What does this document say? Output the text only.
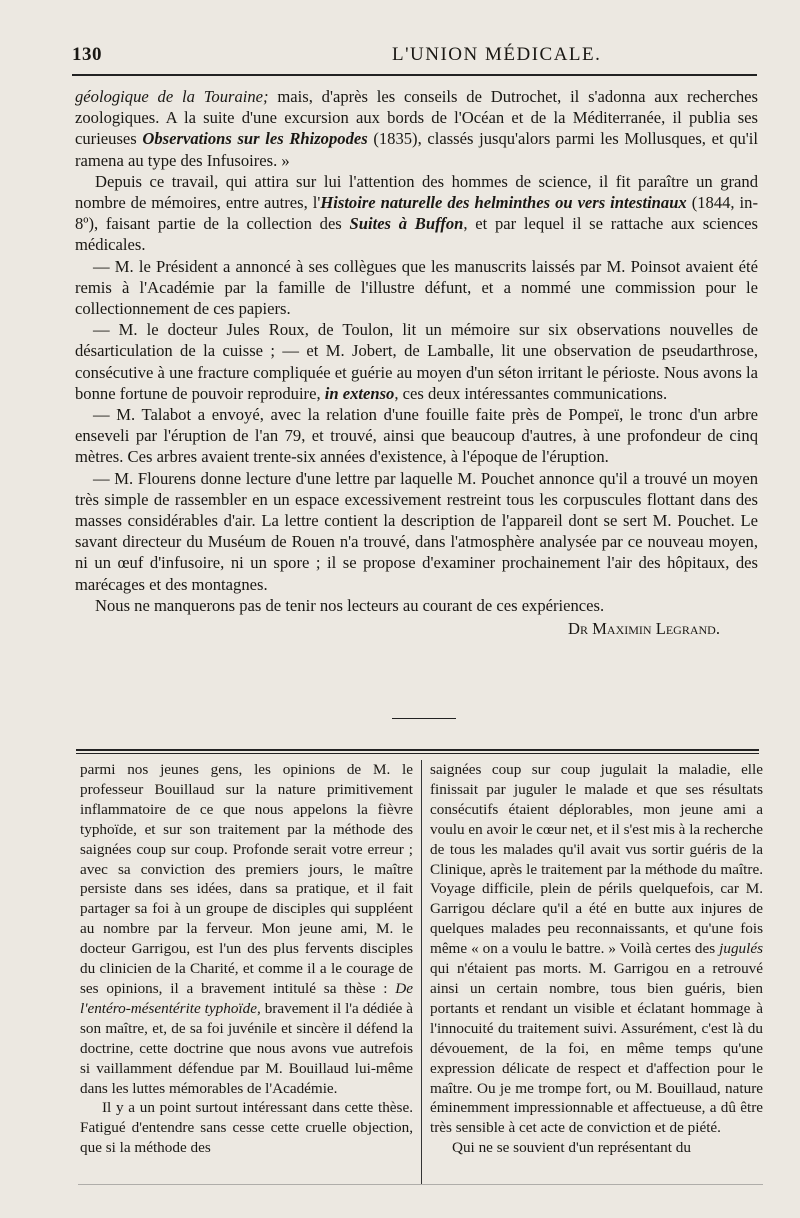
130	L'UNION MÉDICALE.

géologique de la Touraine; mais, d'après les conseils de Dutrochet, il s'adonna aux recherches zoologiques. A la suite d'une excursion aux bords de l'Océan et de la Méditerranée, il publia ses curieuses Observations sur les Rhizopodes (1835), classés jusqu'alors parmi les Mollusques, et qu'il ramena au type des Infusoires. »

Depuis ce travail, qui attira sur lui l'attention des hommes de science, il fit paraître un grand nombre de mémoires, entre autres, l'Histoire naturelle des helminthes ou vers intestinaux (1844, in-8º), faisant partie de la collection des Suites à Buffon, et par lequel il se rattache aux sciences médicales.

— M. le Président a annoncé à ses collègues que les manuscrits laissés par M. Poinsot avaient été remis à l'Académie par la famille de l'illustre défunt, et a nommé une commission pour le collectionnement de ces papiers.

— M. le docteur Jules Roux, de Toulon, lit un mémoire sur six observations nouvelles de désarticulation de la cuisse ; — et M. Jobert, de Lamballe, lit une observation de pseudarthrose, consécutive à une fracture compliquée et guérie au moyen d'un séton irritant le périoste. Nous avons la bonne fortune de pouvoir reproduire, in extenso, ces deux intéressantes communications.

— M. Talabot a envoyé, avec la relation d'une fouille faite près de Pompeï, le tronc d'un arbre enseveli par l'éruption de l'an 79, et trouvé, ainsi que beaucoup d'autres, à une profondeur de cinq mètres. Ces arbres avaient trente-six années d'existence, à l'époque de l'éruption.

— M. Flourens donne lecture d'une lettre par laquelle M. Pouchet annonce qu'il a trouvé un moyen très simple de rassembler en un espace excessivement restreint tous les corpuscules flottant dans des masses considérables d'air. La lettre contient la description de l'appareil dont se sert M. Pouchet. Le savant directeur du Muséum de Rouen n'a trouvé, dans l'atmosphère analysée par ce nouveau moyen, ni un œuf d'infusoire, ni un spore ; il se propose d'examiner prochainement l'air des hôpitaux, des marécages et des montagnes.

Nous ne manquerons pas de tenir nos lecteurs au courant de ces expériences.

Dr Maximin Legrand.

parmi nos jeunes gens, les opinions de M. le professeur Bouillaud sur la nature primitivement inflammatoire de ce que nous appelons la fièvre typhoïde, et sur son traitement par la méthode des saignées coup sur coup. Profonde serait votre erreur ; avec sa conviction des premiers jours, le maître persiste dans ses idées, dans sa pratique, et il fait partager sa foi à un groupe de disciples qui suppléent au nombre par la ferveur. Mon jeune ami, M. le docteur Garrigou, est l'un des plus fervents disciples du clinicien de la Charité, et comme il a le courage de ses opinions, il a bravement intitulé sa thèse : De l'entéro-mésentérite typhoïde, bravement il l'a dédiée à son maître, et, de sa foi juvénile et sincère il défend la doctrine, cette doctrine que nous avons vue autrefois si vaillamment défendue par M. Bouillaud lui-même dans les luttes mémorables de l'Académie.

Il y a un point surtout intéressant dans cette thèse. Fatigué d'entendre sans cesse cette cruelle objection, que si la méthode des

saignées coup sur coup jugulait la maladie, elle finissait par juguler le malade et que ses résultats consécutifs étaient déplorables, mon jeune ami a voulu en avoir le cœur net, et il s'est mis à la recherche de tous les malades qu'il avait vus sortir guéris de la Clinique, après le traitement par la méthode du maître. Voyage difficile, plein de périls quelquefois, car M. Garrigou déclare qu'il a été en butte aux injures de quelques malades peu reconnaissants, et qu'une fois même « on a voulu le battre. » Voilà certes des jugulés qui n'étaient pas morts. M. Garrigou en a retrouvé ainsi un certain nombre, tous bien guéris, bien portants et rendant un visible et éclatant hommage à l'innocuité du traitement suivi. Assurément, c'est là du dévouement, de la foi, en même temps qu'une expression délicate de respect et d'affection pour le maître. Ou je me trompe fort, ou M. Bouillaud, nature éminemment impressionnable et affectueuse, a dû être très sensible à cet acte de conviction et de piété.

Qui ne se souvient d'un représentant du
